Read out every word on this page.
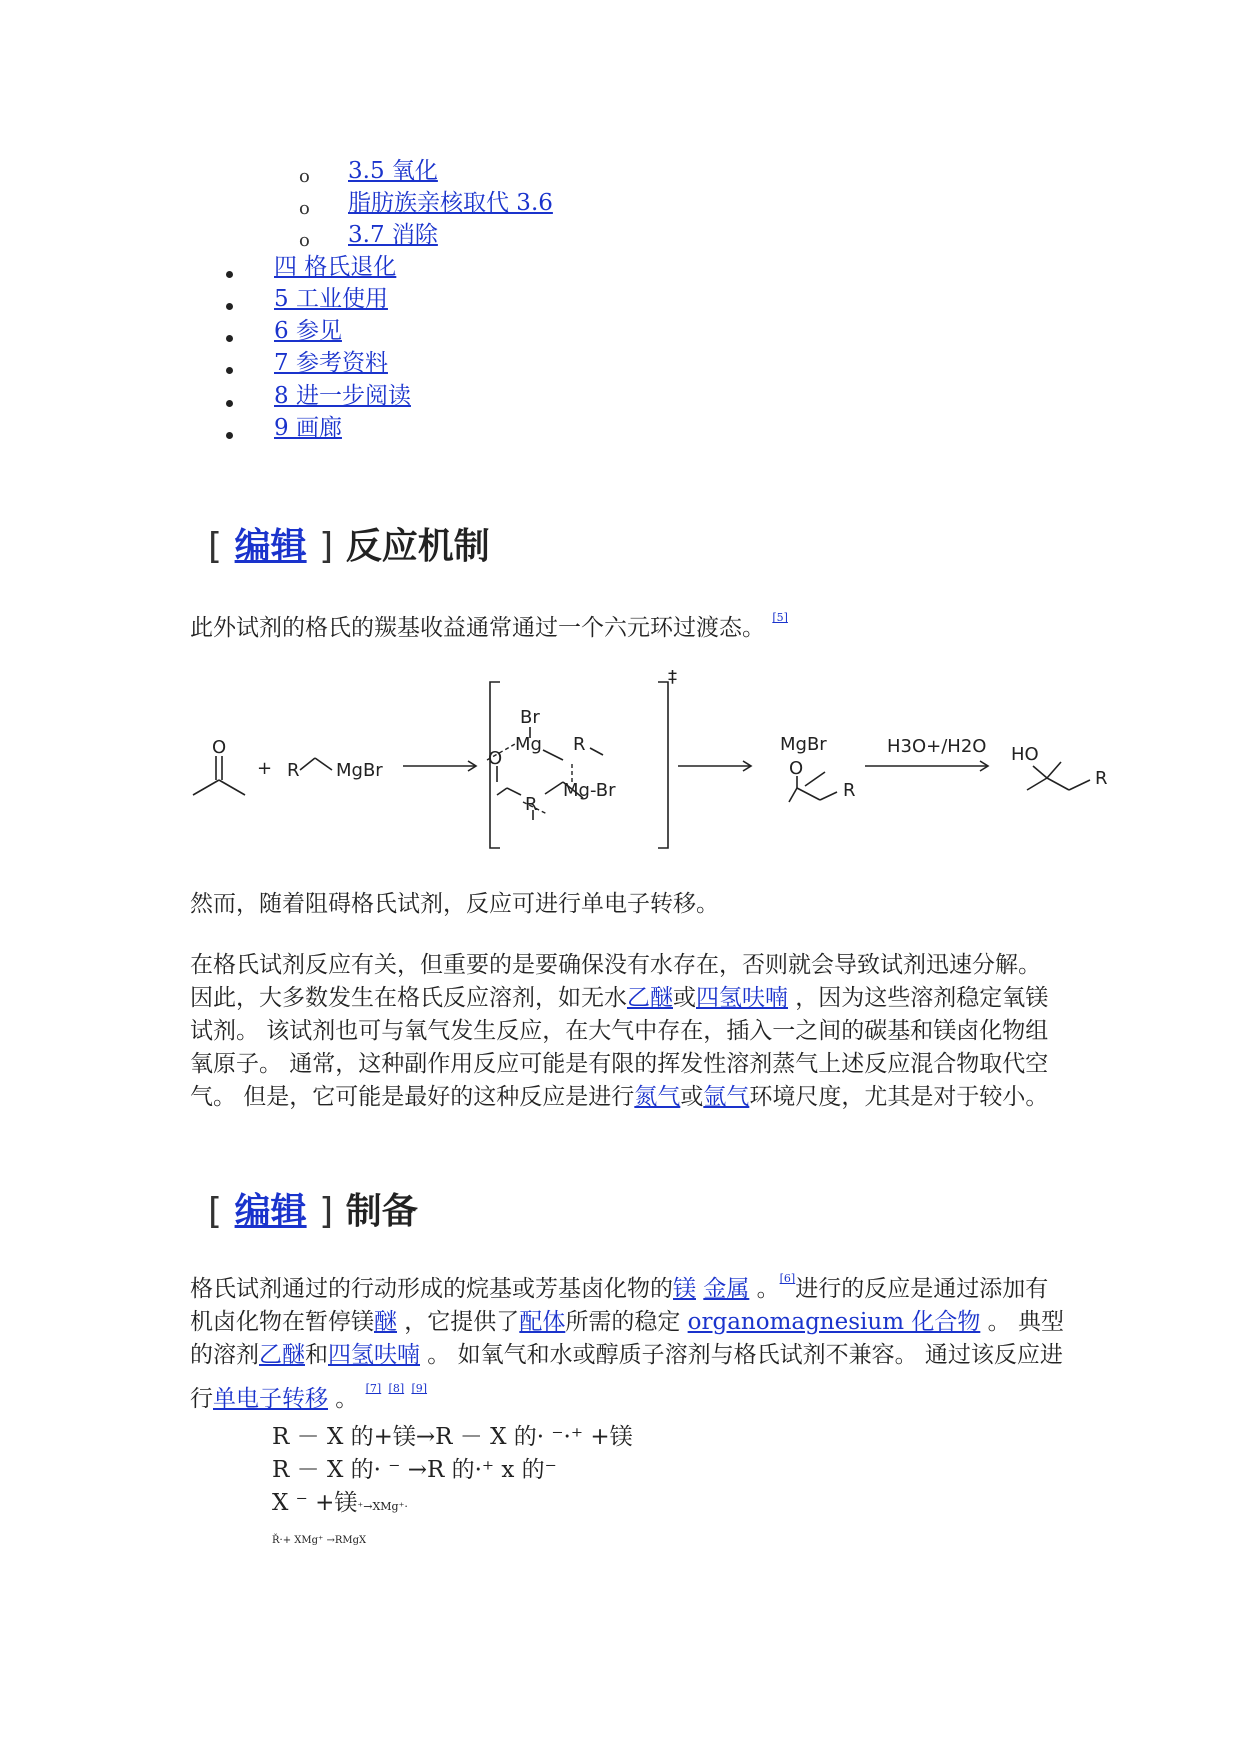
o 3.5 氧化
o 脂肪族亲核取代 3.6
o 3.7 消除
四 格氏退化
5 工业使用
6 参见
7 参考资料
8 进一步阅读
9 画廊
[ 编辑 ] 反应机制
此外试剂的格氏的羰基收益通常通过一个六元环过渡态。 [5]
O
+ R MgBr
Br
Mg R
R
O
Mg-Br
‡
MgBr
O
R
H3O+/H2O HO
R
然而，随着阻碍格氏试剂，反应可进行单电子转移。
在格氏试剂反应有关，但重要的是要确保没有水存在，否则就会导致试剂迅速分解。 因此，大多数发生在格氏反应溶剂，如无水乙醚或四氢呋喃 ，因为这些溶剂稳定氧镁试剂。 该试剂也可与氧气发生反应，在大气中存在，插入一之间的碳基和镁卤化物组氧原子。 通常，这种副作用反应可能是有限的挥发性溶剂蒸气上述反应混合物取代空气。 但是，它可能是最好的这种反应是进行氮气或氩气环境尺度，尤其是对于较小。
[ 编辑 ] 制备
格氏试剂通过的行动形成的烷基或芳基卤化物的镁 金属 。[6]进行的反应是通过添加有机卤化物在暂停镁醚 ，它提供了配体所需的稳定 organomagnesium 化合物 。 典型的溶剂乙醚和四氢呋喃 。 如氧气和水或醇质子溶剂与格氏试剂不兼容。 通过该反应进行单电子转移 。 [7] [8] [9]
R － X 的+镁→R － X 的· ⁻·⁺ +镁
R － X 的· ⁻ →R 的·⁺ x 的⁻
X ⁻ +镁⁺→XMg⁺·
Ř·+ XMg⁺ →RMgX
